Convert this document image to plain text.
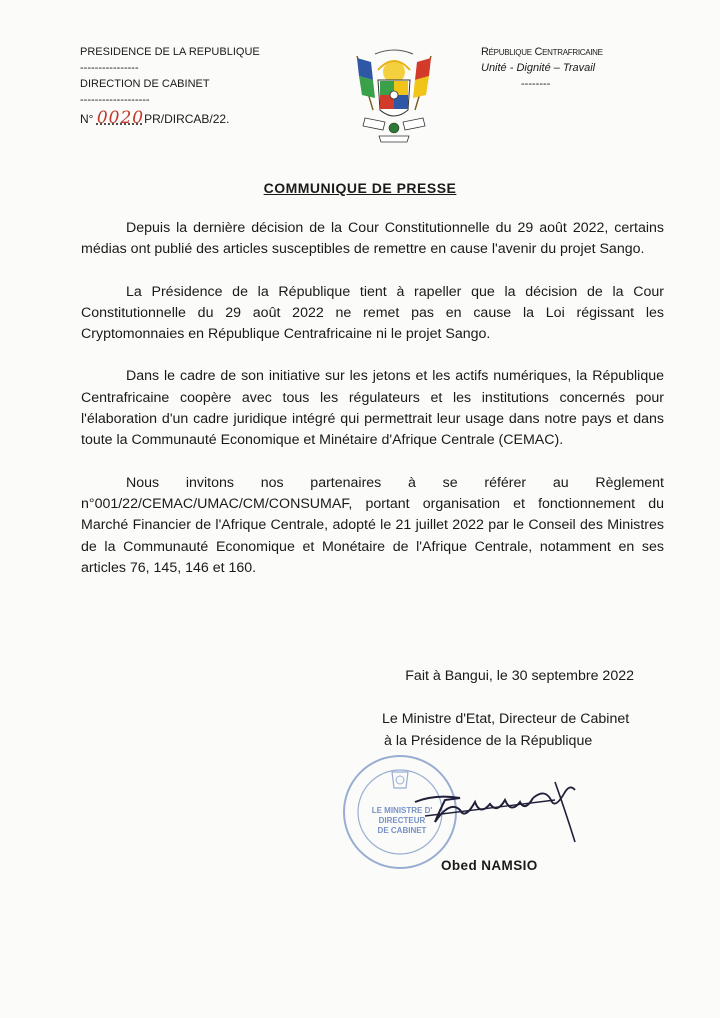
PRESIDENCE DE LA REPUBLIQUE
----------------
DIRECTION DE CABINET
-------------------
N° 0020PR/DIRCAB/22.
République Centrafricaine
Unité - Dignité – Travail
--------
COMMUNIQUE DE PRESSE

Depuis la dernière décision de la Cour Constitutionnelle du 29 août 2022, certains médias ont publié des articles susceptibles de remettre en cause l'avenir du projet Sango.

La Présidence de la République tient à rapeller que la décision de la Cour Constitutionnelle du 29 août 2022 ne remet pas en cause la Loi régissant les Cryptomonnaies en République Centrafricaine ni le projet Sango.

Dans le cadre de son initiative sur les jetons et les actifs numériques, la République Centrafricaine coopère avec tous les régulateurs et les institutions concernés pour l'élaboration d'un cadre juridique intégré qui permettrait leur usage dans notre pays et dans toute la Communauté Economique et Minétaire d'Afrique Centrale (CEMAC).

Nous invitons nos partenaires à se référer au Règlement n°001/22/CEMAC/UMAC/CM/CONSUMAF, portant organisation et fonctionnement du Marché Financier de l'Afrique Centrale, adopté le 21 juillet 2022 par le Conseil des Ministres de la Communauté Economique et Monétaire de l'Afrique Centrale, notamment en ses articles 76, 145, 146 et 160.

Fait à Bangui, le 30 septembre 2022
Le Ministre d'Etat, Directeur de Cabinet
à la Présidence de la République
LE MINISTRE D'
DIRECTEUR
DE CABINET
Obed NAMSIO
